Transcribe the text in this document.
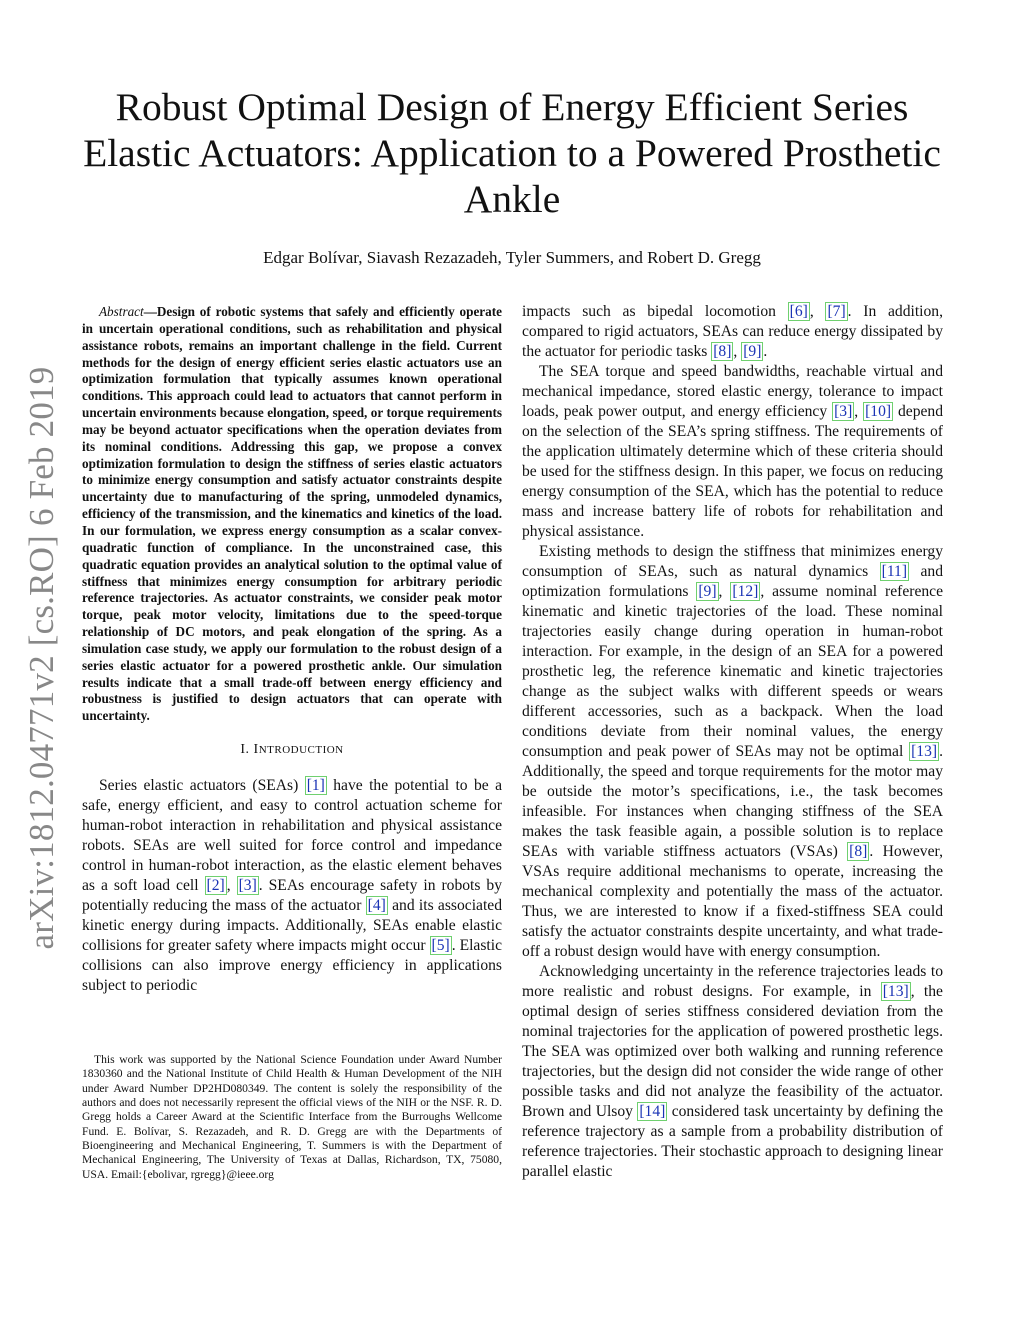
arXiv:1812.04771v2 [cs.RO] 6 Feb 2019
Robust Optimal Design of Energy Efficient Series Elastic Actuators: Application to a Powered Prosthetic Ankle
Edgar Bolívar, Siavash Rezazadeh, Tyler Summers, and Robert D. Gregg

Abstract—Design of robotic systems that safely and efficiently operate in uncertain operational conditions, such as rehabilitation and physical assistance robots, remains an important challenge in the field. Current methods for the design of energy efficient series elastic actuators use an optimization formulation that typically assumes known operational conditions. This approach could lead to actuators that cannot perform in uncertain environments because elongation, speed, or torque requirements may be beyond actuator specifications when the operation deviates from its nominal conditions. Addressing this gap, we propose a convex optimization formulation to design the stiffness of series elastic actuators to minimize energy consumption and satisfy actuator constraints despite uncertainty due to manufacturing of the spring, unmodeled dynamics, efficiency of the transmission, and the kinematics and kinetics of the load. In our formulation, we express energy consumption as a scalar convex-quadratic function of compliance. In the unconstrained case, this quadratic equation provides an analytical solution to the optimal value of stiffness that minimizes energy consumption for arbitrary periodic reference trajectories. As actuator constraints, we consider peak motor torque, peak motor velocity, limitations due to the speed-torque relationship of DC motors, and peak elongation of the spring. As a simulation case study, we apply our formulation to the robust design of a series elastic actuator for a powered prosthetic ankle. Our simulation results indicate that a small trade-off between energy efficiency and robustness is justified to design actuators that can operate with uncertainty.

I. INTRODUCTION

Series elastic actuators (SEAs) [1] have the potential to be a safe, energy efficient, and easy to control actuation scheme for human-robot interaction in rehabilitation and physical assistance robots. SEAs are well suited for force control and impedance control in human-robot interaction, as the elastic element behaves as a soft load cell [2] , [3] . SEAs encourage safety in robots by potentially reducing the mass of the actuator [4] and its associated kinetic energy during impacts. Additionally, SEAs enable elastic collisions for greater safety where impacts might occur [5] . Elastic collisions can also improve energy efficiency in applications subject to periodic

This work was supported by the National Science Foundation under Award Number 1830360 and the National Institute of Child Health & Human Development of the NIH under Award Number DP2HD080349. The content is solely the responsibility of the authors and does not necessarily represent the official views of the NIH or the NSF. R. D. Gregg holds a Career Award at the Scientific Interface from the Burroughs Wellcome Fund. E. Bolívar, S. Rezazadeh, and R. D. Gregg are with the Departments of Bioengineering and Mechanical Engineering, T. Summers is with the Department of Mechanical Engineering, The University of Texas at Dallas, Richardson, TX, 75080, USA. Email:{ebolivar, rgregg}@ieee.org

impacts such as bipedal locomotion [6] , [7] . In addition, compared to rigid actuators, SEAs can reduce energy dissipated by the actuator for periodic tasks [8] , [9] .

The SEA torque and speed bandwidths, reachable virtual and mechanical impedance, stored elastic energy, tolerance to impact loads, peak power output, and energy efficiency [3] , [10] depend on the selection of the SEA’s spring stiffness. The requirements of the application ultimately determine which of these criteria should be used for the stiffness design. In this paper, we focus on reducing energy consumption of the SEA, which has the potential to reduce mass and increase battery life of robots for rehabilitation and physical assistance.

Existing methods to design the stiffness that minimizes energy consumption of SEAs, such as natural dynamics [11] and optimization formulations [9] , [12] , assume nominal reference kinematic and kinetic trajectories of the load. These nominal trajectories easily change during operation in human-robot interaction. For example, in the design of an SEA for a powered prosthetic leg, the reference kinematic and kinetic trajectories change as the subject walks with different speeds or wears different accessories, such as a backpack. When the load conditions deviate from their nominal values, the energy consumption and peak power of SEAs may not be optimal [13] . Additionally, the speed and torque requirements for the motor may be outside the motor’s specifications, i.e., the task becomes infeasible. For instances when changing stiffness of the SEA makes the task feasible again, a possible solution is to replace SEAs with variable stiffness actuators (VSAs) [8] . However, VSAs require additional mechanisms to operate, increasing the mechanical complexity and potentially the mass of the actuator. Thus, we are interested to know if a fixed-stiffness SEA could satisfy the actuator constraints despite uncertainty, and what trade-off a robust design would have with energy consumption.

Acknowledging uncertainty in the reference trajectories leads to more realistic and robust designs. For example, in [13] , the optimal design of series stiffness considered deviation from the nominal trajectories for the application of powered prosthetic legs. The SEA was optimized over both walking and running reference trajectories, but the design did not consider the wide range of other possible tasks and did not analyze the feasibility of the actuator. Brown and Ulsoy [14] considered task uncertainty by defining the reference trajectory as a sample from a probability distribution of reference trajectories. Their stochastic approach to designing linear parallel elastic
